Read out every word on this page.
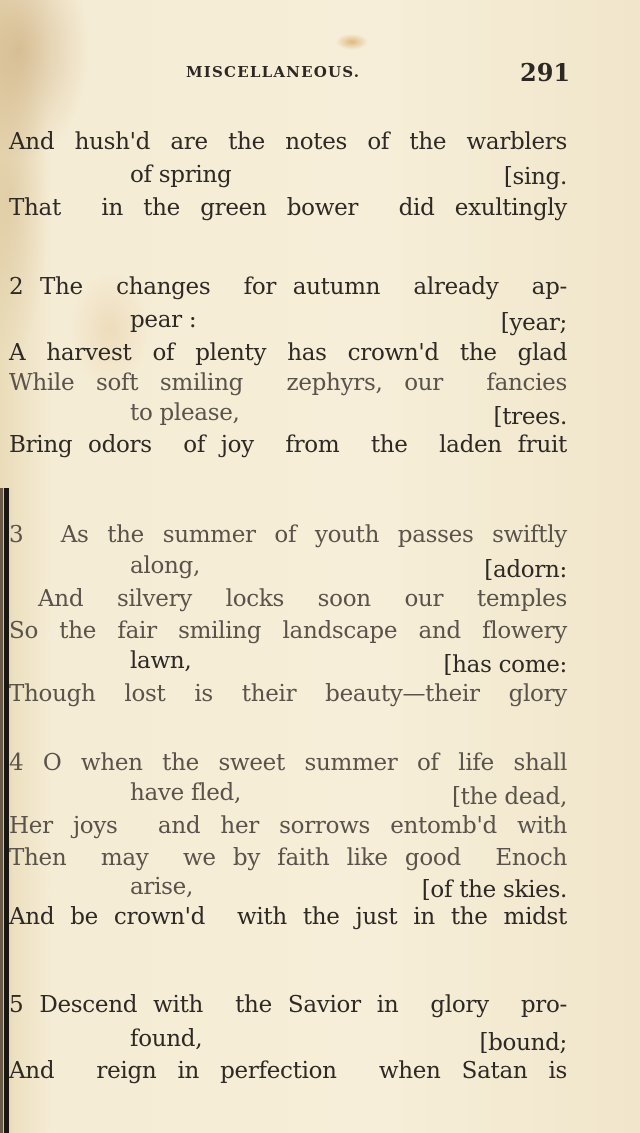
MISCELLANEOUS.	291
And hush'd are the notes of the warblers
of spring	[sing.
That  in the green bower  did exultingly
2 The  changes  for autumn  already  ap-
pear :	[year;
A harvest of plenty has crown'd the glad
While soft smiling  zephyrs, our  fancies
to please,	[trees.
Bring odors  of joy  from  the  laden fruit
3  As the summer of youth passes swiftly
along,	[adorn:
And  silvery  locks  soon  our  temples
So the fair smiling landscape and flowery
lawn,	[has come:
Though lost is their beauty—their glory
4 O when the sweet summer of life shall
have fled,	[the dead,
Her joys  and her sorrows entomb'd with
Then  may  we by faith like good  Enoch
arise,	[of the skies.
And be crown'd  with the just in the midst
5 Descend with  the Savior in  glory  pro-
found,	[bound;
And  reign in perfection  when Satan is
